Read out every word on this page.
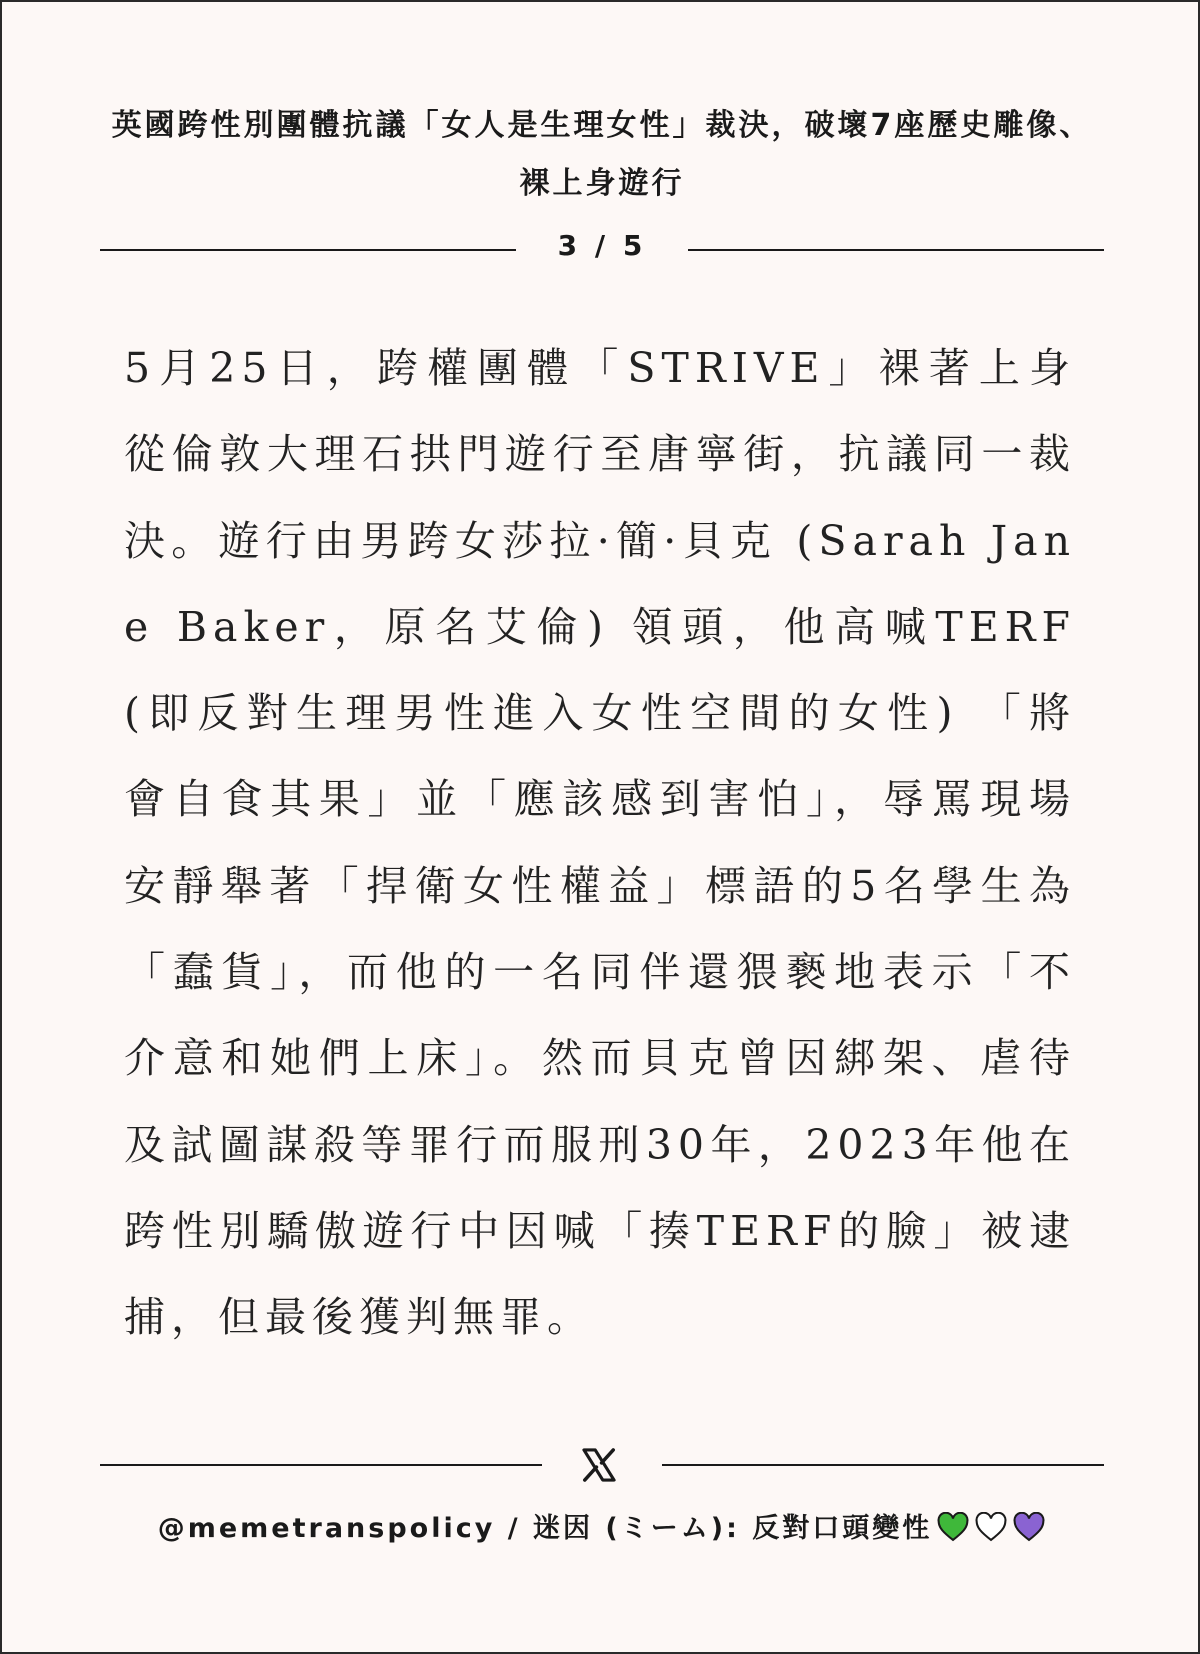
英國跨性別團體抗議「女人是生理女性」裁決，破壞7座歷史雕像、裸上身遊行
3 / 5

5月25日，跨權團體「STRIVE」裸著上身從倫敦大理石拱門遊行至唐寧街，抗議同一裁決。遊行由男跨女莎拉·簡·貝克 (Sarah Jane Baker，原名艾倫) 領頭，他高喊TERF (即反對生理男性進入女性空間的女性) 「將會自食其果」並「應該感到害怕」，辱罵現場安靜舉著「捍衛女性權益」標語的5名學生為「蠢貨」，而他的一名同伴還猥褻地表示「不介意和她們上床」。然而貝克曾因綁架、虐待及試圖謀殺等罪行而服刑30年，2023年他在跨性別驕傲遊行中因喊「揍TERF的臉」被逮捕，但最後獲判無罪。

@memetranspolicy / 迷因 (ミーム): 反對口頭變性
